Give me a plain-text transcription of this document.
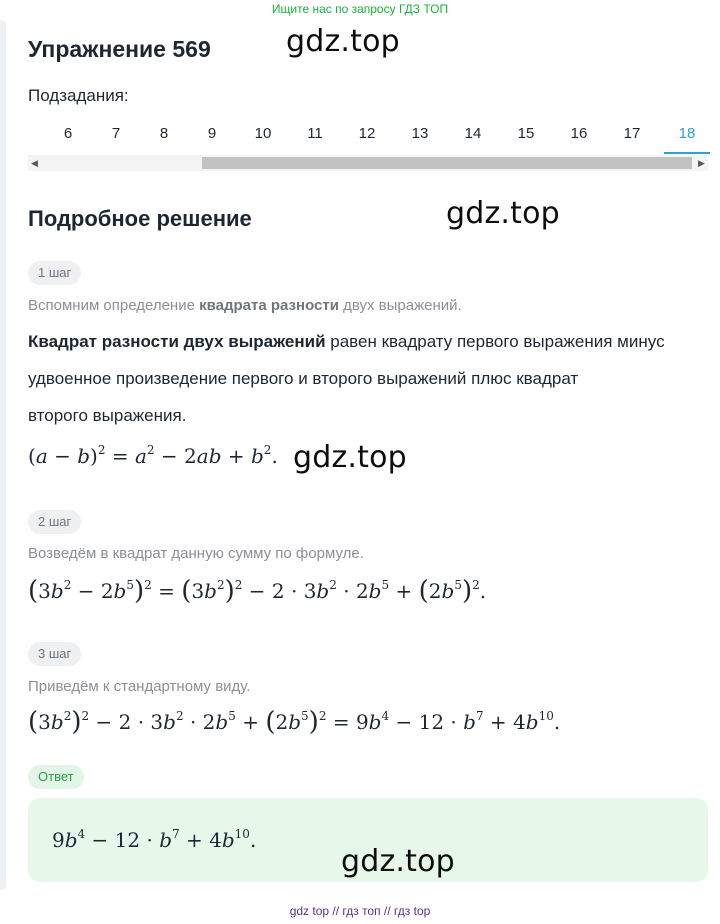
Ищите нас по запросу ГДЗ ТОП
Упражнение 569	gdz.top
Подзадания:
6	7	8	9	10	11	12	13	14	15	16	17	18
◀	▶
Подробное решение	gdz.top
1 шаг
Вспомним определение квадрата разности двух выражений.
Квадрат разности двух выражений равен квадрату первого выражения минус
удвоенное произведение первого и второго выражений плюс квадрат
второго выражения.
$(a - b)^2 = a^2 - 2ab + b^2$. gdz.top
2 шаг
Возведём в квадрат данную сумму по формуле.
$(3b^2 - 2b^5)^2 = (3b^2)^2 - 2 \cdot 3b^2 \cdot 2b^5 + (2b^5)^2$.
3 шаг
Приведём к стандартному виду.
$(3b^2)^2 - 2 \cdot 3b^2 \cdot 2b^5 + (2b^5)^2 = 9b^4 - 12 \cdot b^7 + 4b^{10}$.
Ответ
$9b^4 - 12 \cdot b^7 + 4b^{10}$.
gdz.top
gdz top // гдз топ // гдз top
